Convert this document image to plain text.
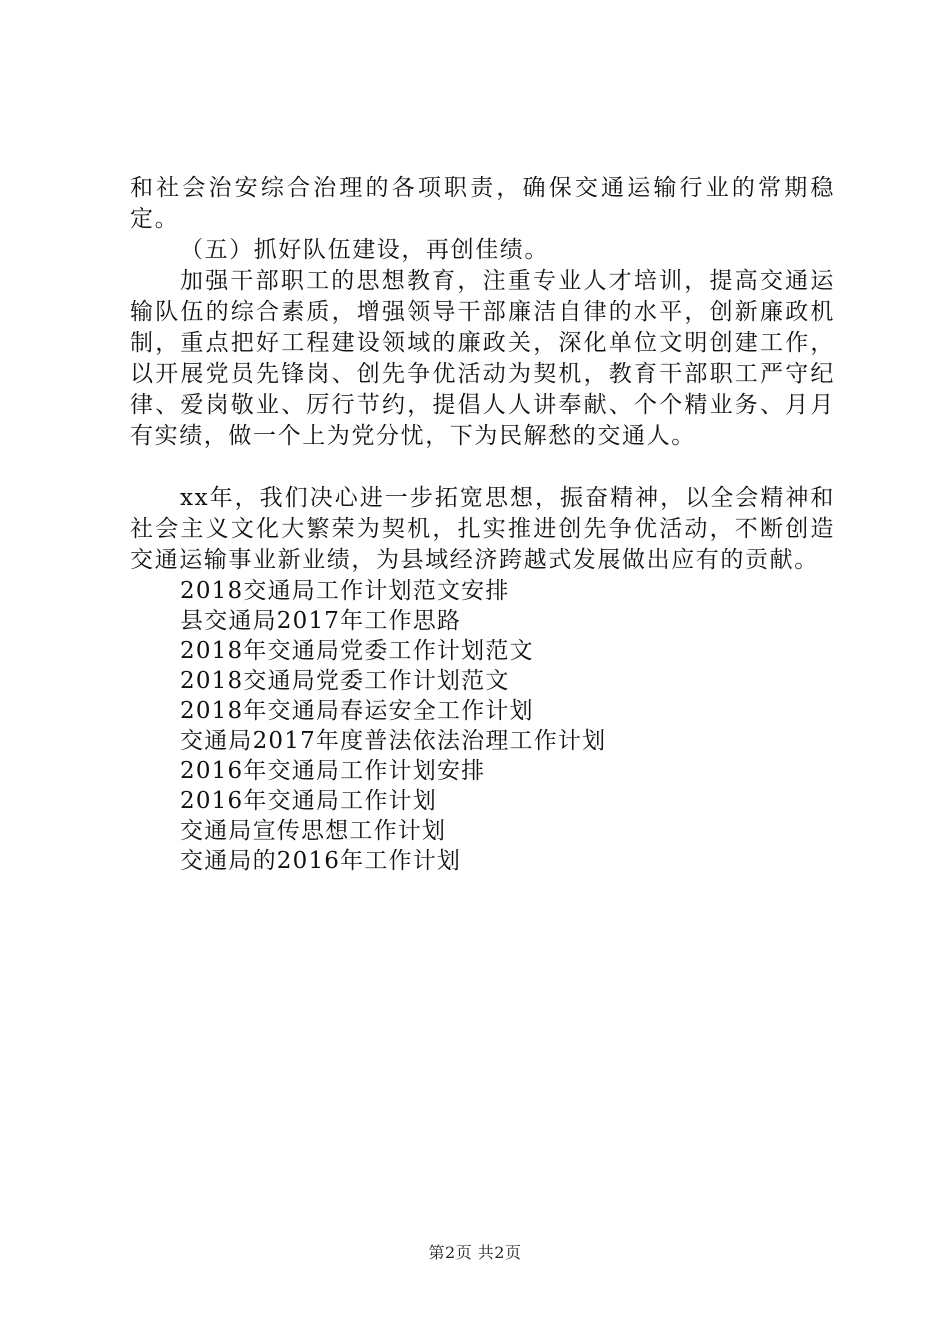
和社会治安综合治理的各项职责，确保交通运输行业的常期稳定。

（五）抓好队伍建设，再创佳绩。

加强干部职工的思想教育，注重专业人才培训，提高交通运输队伍的综合素质，增强领导干部廉洁自律的水平，创新廉政机制，重点把好工程建设领域的廉政关，深化单位文明创建工作，以开展党员先锋岗、创先争优活动为契机，教育干部职工严守纪律、爱岗敬业、厉行节约，提倡人人讲奉献、个个精业务、月月有实绩，做一个上为党分忧，下为民解愁的交通人。

xx年，我们决心进一步拓宽思想，振奋精神，以全会精神和社会主义文化大繁荣为契机，扎实推进创先争优活动，不断创造交通运输事业新业绩，为县域经济跨越式发展做出应有的贡献。

2018交通局工作计划范文安排
县交通局2017年工作思路
2018年交通局党委工作计划范文
2018交通局党委工作计划范文
2018年交通局春运安全工作计划
交通局2017年度普法依法治理工作计划
2016年交通局工作计划安排
2016年交通局工作计划
交通局宣传思想工作计划
交通局的2016年工作计划
第2页 共2页
